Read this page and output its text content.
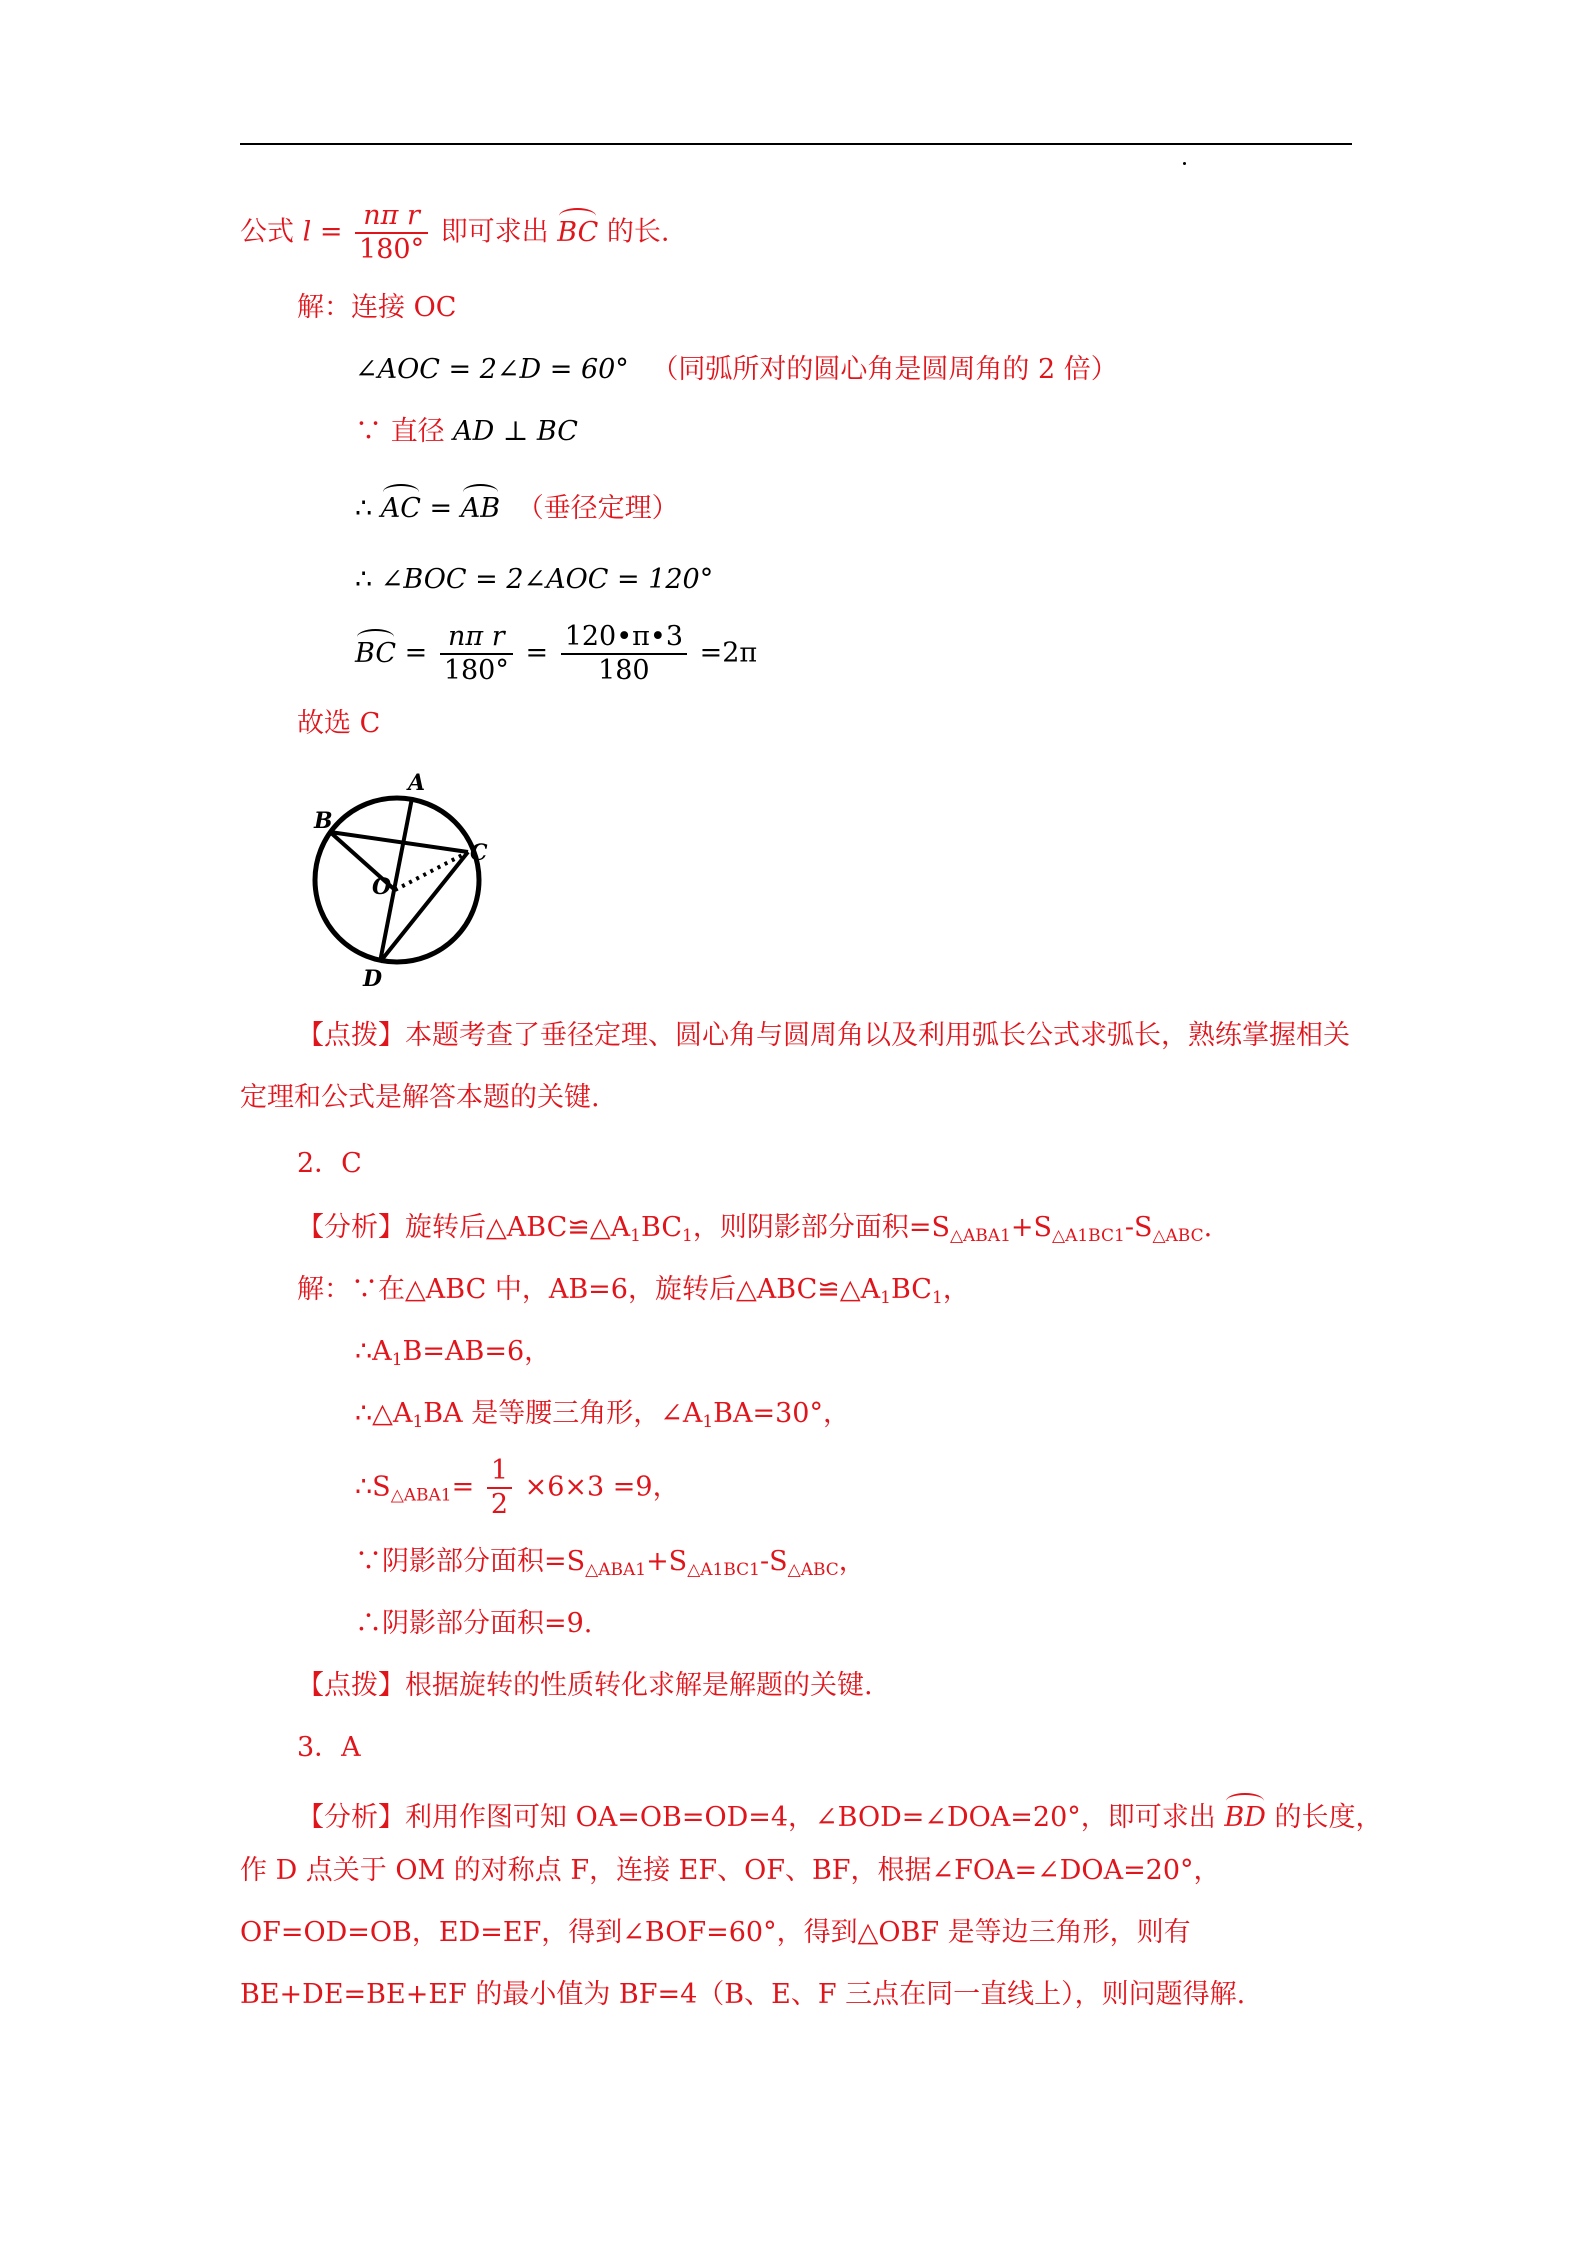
公式 $l = \frac{\text{nπ r}}{180^\circ}$ 即可求出 BC 的长.
解：连接 OC
∠AOC = 2∠D = 60° （同弧所对的圆心角是圆周角的 2 倍）
∵ 直径 AD ⊥ BC
∴ AC = AB （垂径定理）
∴ ∠BOC = 2∠AOC = 120°
BC = $\frac{\text{nπ r}}{180^\circ} = \frac{120•\pi•3}{180} =2\pi$
故选 C
A
B
C
O
D
【点拨】本题考查了垂径定理、圆心角与圆周角以及利用弧长公式求弧长，熟练掌握相关定理和公式是解答本题的关键.
2．C
【分析】旋转后$\triangle ABC≌\triangle A_1BC_1$，则阴影部分面积$=S_{\triangle ABA1}+S_{\triangle A1BC1}-S_{\triangle ABC}$.
解：∵在△ABC 中，AB=6，旋转后$\triangle ABC≌\triangle A_1BC_1$，
$\therefore A_1B=AB=6$，
$\therefore\triangle A_1BA$ 是等腰三角形，$\angle A_1BA=30^\circ$，
$\therefore S_{\triangle ABA1}= \frac{1}{2} \times 6\times 3 =9$，
∵阴影部分面积$=S_{\triangle ABA1}+S_{\triangle A1BC1}-S_{\triangle ABC}$，
∴阴影部分面积=9.
【点拨】根据旋转的性质转化求解是解题的关键.
3．A
【分析】利用作图可知 OA=OB=OD=4，∠BOD=∠DOA=20°，即可求出 BD 的长度，
作 D 点关于 OM 的对称点 F，连接 EF、OF、BF，根据∠FOA=∠DOA=20°，OF=OD=OB，ED=EF，得到∠BOF=60°，得到△OBF 是等边三角形，则有 BE+DE=BE+EF 的最小值为 BF=4（B、E、F 三点在同一直线上），则问题得解.
